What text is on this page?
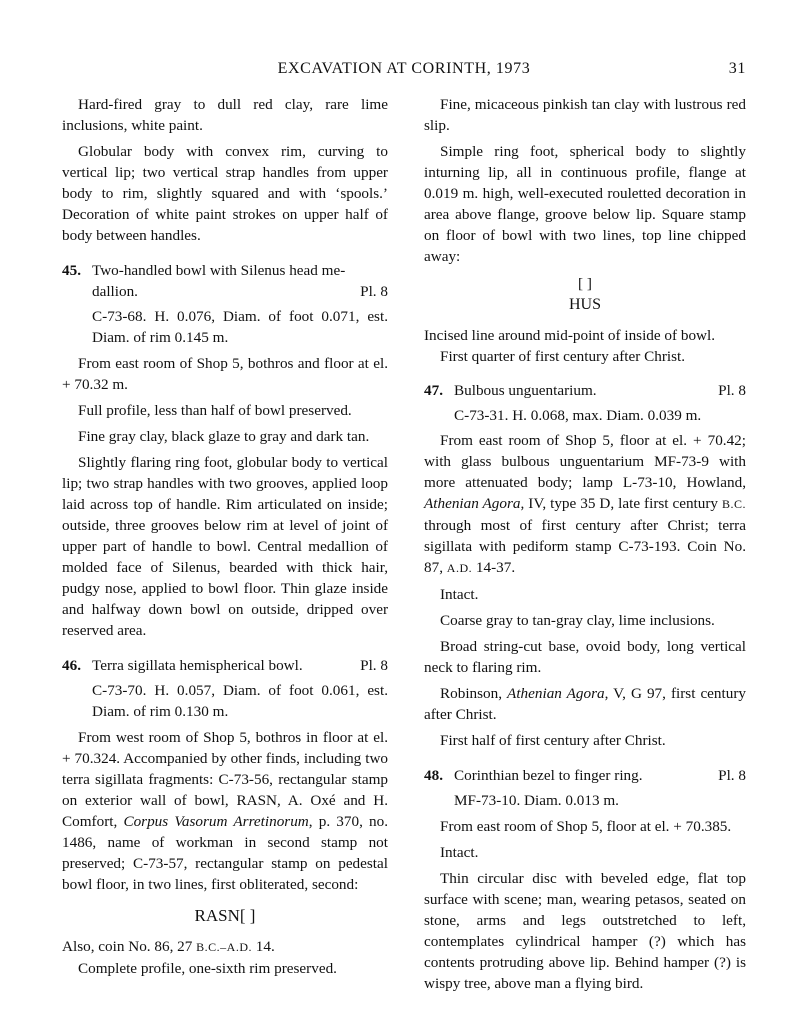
EXCAVATION AT CORINTH, 1973	31

Hard-fired gray to dull red clay, rare lime inclusions, white paint.

Globular body with convex rim, curving to vertical lip; two vertical strap handles from upper body to rim, slightly squared and with ‘spools.’ Decoration of white paint strokes on upper half of body between handles.

45. Two-handled bowl with Silenus head me-
dallion.	Pl. 8

C-73-68. H. 0.076, Diam. of foot 0.071, est. Diam. of rim 0.145 m.

From east room of Shop 5, bothros and floor at el. + 70.32 m.

Full profile, less than half of bowl preserved.

Fine gray clay, black glaze to gray and dark tan.

Slightly flaring ring foot, globular body to vertical lip; two strap handles with two grooves, applied loop laid across top of handle. Rim articulated on inside; outside, three grooves below rim at level of joint of upper part of handle to bowl. Central medallion of molded face of Silenus, bearded with thick hair, pudgy nose, applied to bowl floor. Thin glaze inside and halfway down bowl on outside, dripped over reserved area.

46. Terra sigillata hemispherical bowl.	Pl. 8

C-73-70. H. 0.057, Diam. of foot 0.061, est. Diam. of rim 0.130 m.

From west room of Shop 5, bothros in floor at el. + 70.324. Accompanied by other finds, including two terra sigillata fragments: C-73-56, rectangular stamp on exterior wall of bowl, RASN, A. Oxé and H. Comfort, Corpus Vasorum Arretinorum, p. 370, no. 1486, name of workman in second stamp not preserved; C-73-57, rectangular stamp on pedestal bowl floor, in two lines, first obliterated, second:

RASN[ ]

Also, coin No. 86, 27 B.C.–A.D. 14.

Complete profile, one-sixth rim preserved.

Fine, micaceous pinkish tan clay with lustrous red slip.

Simple ring foot, spherical body to slightly inturning lip, all in continuous profile, flange at 0.019 m. high, well-executed rouletted decoration in area above flange, groove below lip. Square stamp on floor of bowl with two lines, top line chipped away:

[ ]
HUS

Incised line around mid-point of inside of bowl.

First quarter of first century after Christ.

47. Bulbous unguentarium.	Pl. 8

C-73-31. H. 0.068, max. Diam. 0.039 m.

From east room of Shop 5, floor at el. + 70.42; with glass bulbous unguentarium MF-73-9 with more attenuated body; lamp L-73-10, Howland, Athenian Agora, IV, type 35 D, late first century B.C. through most of first century after Christ; terra sigillata with pediform stamp C-73-193. Coin No. 87, A.D. 14-37.

Intact.

Coarse gray to tan-gray clay, lime inclusions.

Broad string-cut base, ovoid body, long vertical neck to flaring rim.

Robinson, Athenian Agora, V, G 97, first century after Christ.

First half of first century after Christ.

48. Corinthian bezel to finger ring.	Pl. 8

MF-73-10. Diam. 0.013 m.

From east room of Shop 5, floor at el. + 70.385.

Intact.

Thin circular disc with beveled edge, flat top surface with scene; man, wearing petasos, seated on stone, arms and legs outstretched to left, contemplates cylindrical hamper (?) which has contents protruding above lip. Behind hamper (?) is wispy tree, above man a flying bird.
